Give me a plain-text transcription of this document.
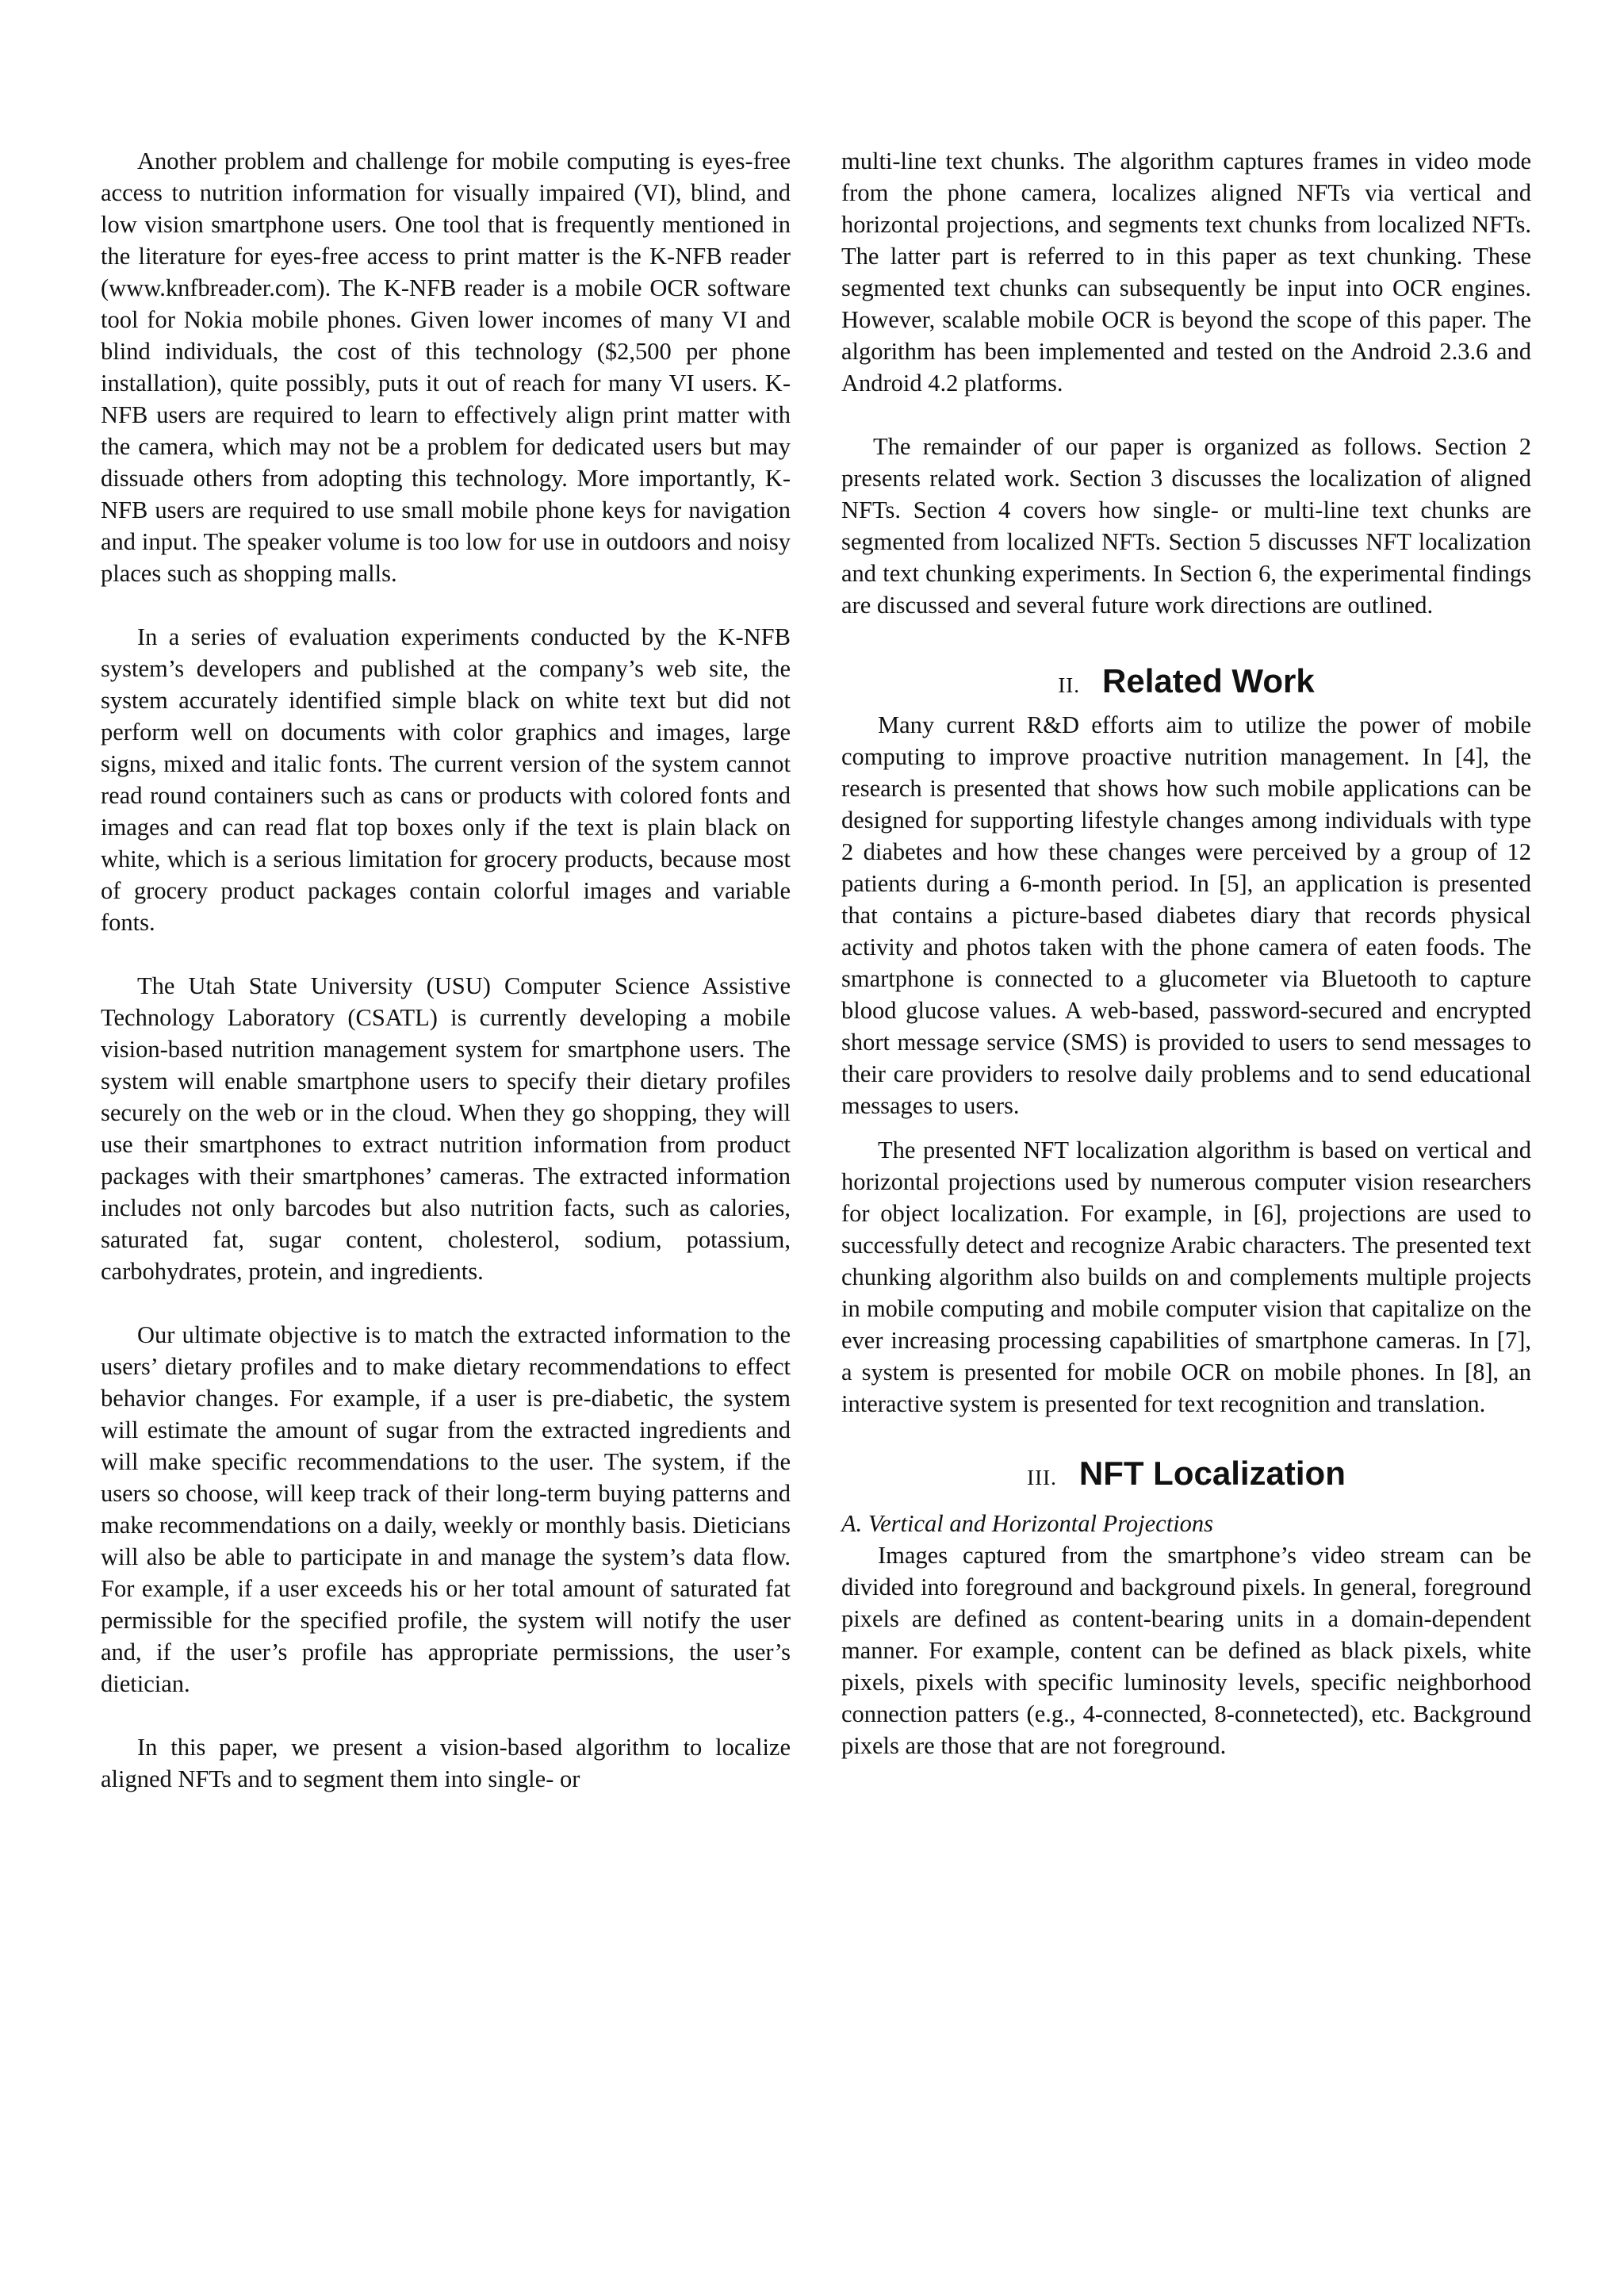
Another problem and challenge for mobile computing is eyes-free access to nutrition information for visually impaired (VI), blind, and low vision smartphone users. One tool that is frequently mentioned in the literature for eyes-free access to print matter is the K-NFB reader (www.knfbreader.com). The K-NFB reader is a mobile OCR software tool for Nokia mobile phones. Given lower incomes of many VI and blind individuals, the cost of this technology ($2,500 per phone installation), quite possibly, puts it out of reach for many VI users. K-NFB users are required to learn to effectively align print matter with the camera, which may not be a problem for dedicated users but may dissuade others from adopting this technology. More importantly, K-NFB users are required to use small mobile phone keys for navigation and input. The speaker volume is too low for use in outdoors and noisy places such as shopping malls.

In a series of evaluation experiments conducted by the K-NFB system’s developers and published at the company’s web site, the system accurately identified simple black on white text but did not perform well on documents with color graphics and images, large signs, mixed and italic fonts. The current version of the system cannot read round containers such as cans or products with colored fonts and images and can read flat top boxes only if the text is plain black on white, which is a serious limitation for grocery products, because most of grocery product packages contain colorful images and variable fonts.

The Utah State University (USU) Computer Science Assistive Technology Laboratory (CSATL) is currently developing a mobile vision-based nutrition management system for smartphone users. The system will enable smartphone users to specify their dietary profiles securely on the web or in the cloud. When they go shopping, they will use their smartphones to extract nutrition information from product packages with their smartphones’ cameras. The extracted information includes not only barcodes but also nutrition facts, such as calories, saturated fat, sugar content, cholesterol, sodium, potassium, carbohydrates, protein, and ingredients.

Our ultimate objective is to match the extracted information to the users’ dietary profiles and to make dietary recommendations to effect behavior changes. For example, if a user is pre-diabetic, the system will estimate the amount of sugar from the extracted ingredients and will make specific recommendations to the user. The system, if the users so choose, will keep track of their long-term buying patterns and make recommendations on a daily, weekly or monthly basis. Dieticians will also be able to participate in and manage the system’s data flow. For example, if a user exceeds his or her total amount of saturated fat permissible for the specified profile, the system will notify the user and, if the user’s profile has appropriate permissions, the user’s dietician.

In this paper, we present a vision-based algorithm to localize aligned NFTs and to segment them into single- or

multi-line text chunks. The algorithm captures frames in video mode from the phone camera, localizes aligned NFTs via vertical and horizontal projections, and segments text chunks from localized NFTs. The latter part is referred to in this paper as text chunking. These segmented text chunks can subsequently be input into OCR engines. However, scalable mobile OCR is beyond the scope of this paper. The algorithm has been implemented and tested on the Android 2.3.6 and Android 4.2 platforms.

The remainder of our paper is organized as follows. Section 2 presents related work. Section 3 discusses the localization of aligned NFTs. Section 4 covers how single- or multi-line text chunks are segmented from localized NFTs. Section 5 discusses NFT localization and text chunking experiments. In Section 6, the experimental findings are discussed and several future work directions are outlined.

II. Related Work

Many current R&D efforts aim to utilize the power of mobile computing to improve proactive nutrition management. In [4], the research is presented that shows how such mobile applications can be designed for supporting lifestyle changes among individuals with type 2 diabetes and how these changes were perceived by a group of 12 patients during a 6-month period. In [5], an application is presented that contains a picture-based diabetes diary that records physical activity and photos taken with the phone camera of eaten foods. The smartphone is connected to a glucometer via Bluetooth to capture blood glucose values. A web-based, password-secured and encrypted short message service (SMS) is provided to users to send messages to their care providers to resolve daily problems and to send educational messages to users.

The presented NFT localization algorithm is based on vertical and horizontal projections used by numerous computer vision researchers for object localization. For example, in [6], projections are used to successfully detect and recognize Arabic characters. The presented text chunking algorithm also builds on and complements multiple projects in mobile computing and mobile computer vision that capitalize on the ever increasing processing capabilities of smartphone cameras. In [7], a system is presented for mobile OCR on mobile phones. In [8], an interactive system is presented for text recognition and translation.

III. NFT Localization
A. Vertical and Horizontal Projections

Images captured from the smartphone’s video stream can be divided into foreground and background pixels. In general, foreground pixels are defined as content-bearing units in a domain-dependent manner. For example, content can be defined as black pixels, white pixels, pixels with specific luminosity levels, specific neighborhood connection patters (e.g., 4-connected, 8-connetected), etc. Background pixels are those that are not foreground.
